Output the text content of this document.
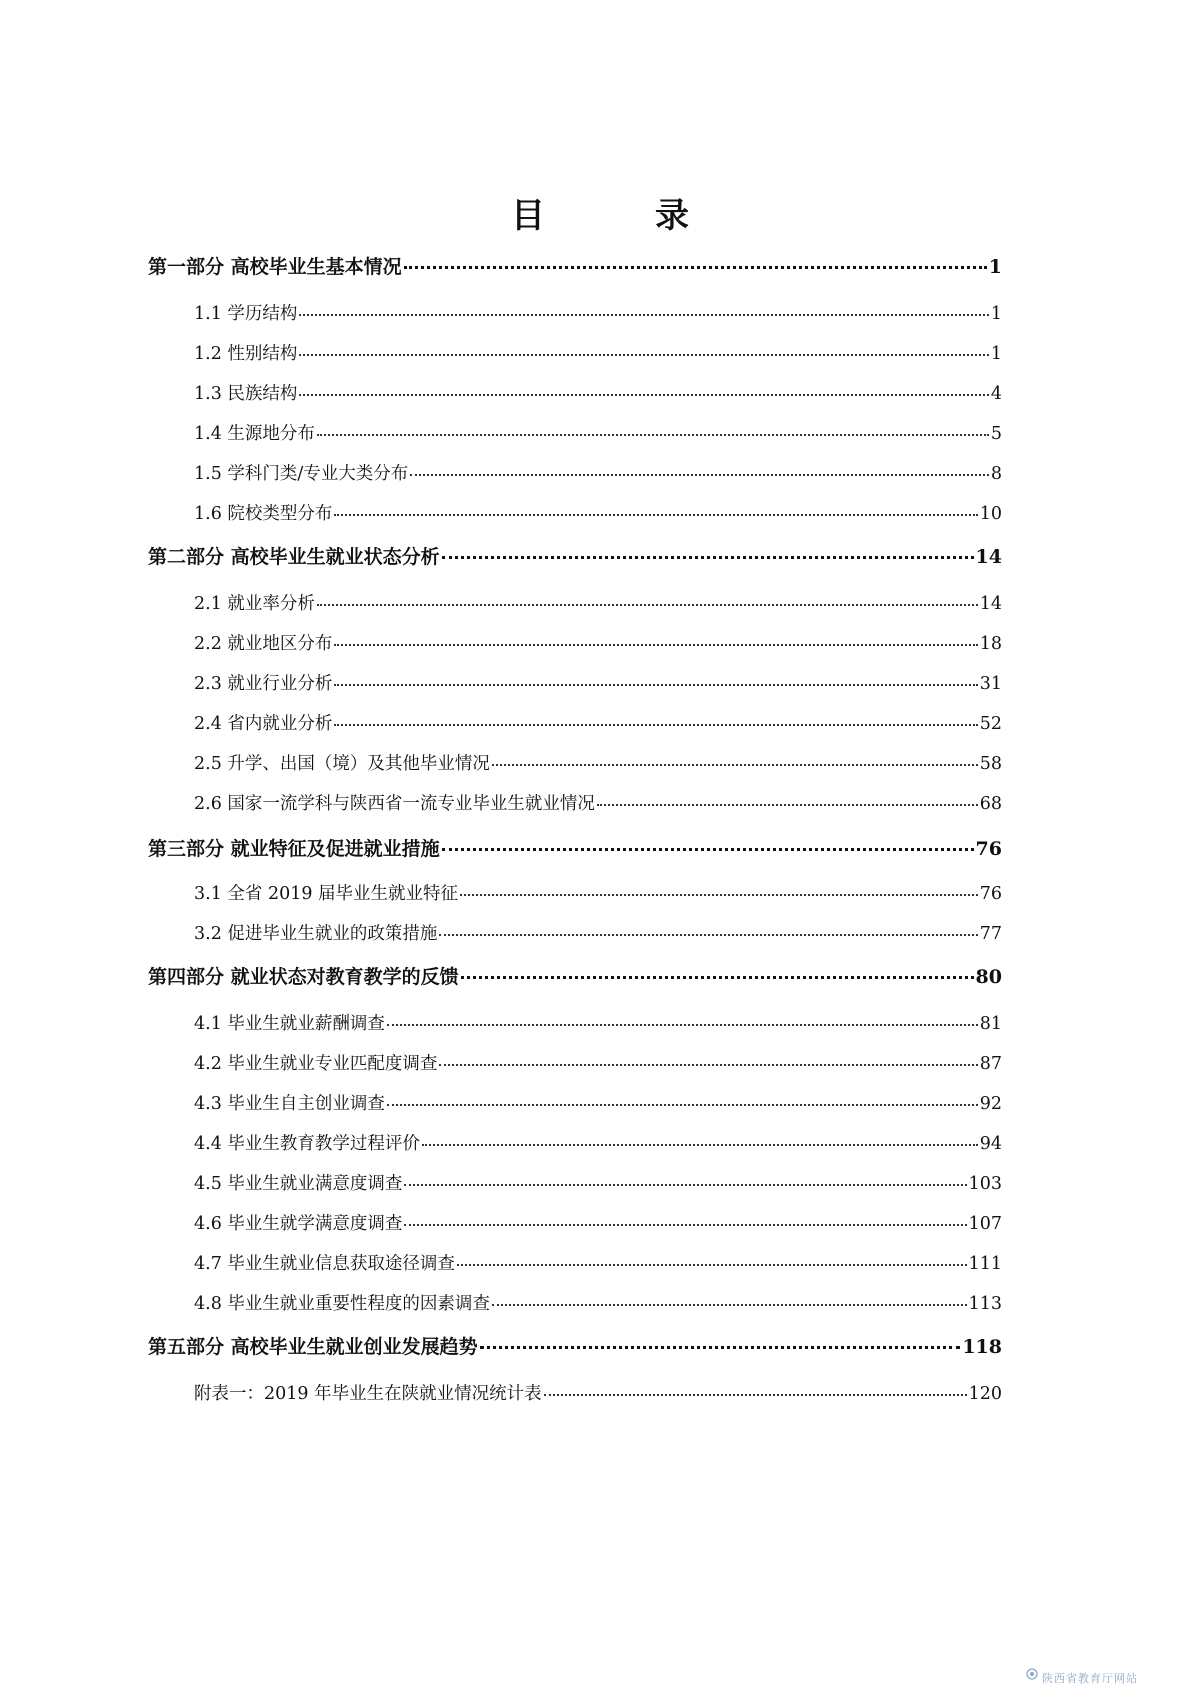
目　录
第一部分 高校毕业生基本情况	1
1.1 学历结构	1
1.2 性别结构	1
1.3 民族结构	4
1.4 生源地分布	5
1.5 学科门类/专业大类分布	8
1.6 院校类型分布	10
第二部分 高校毕业生就业状态分析	14
2.1 就业率分析	14
2.2 就业地区分布	18
2.3 就业行业分析	31
2.4 省内就业分析	52
2.5 升学、出国（境）及其他毕业情况	58
2.6 国家一流学科与陕西省一流专业毕业生就业情况	68
第三部分 就业特征及促进就业措施	76
3.1 全省 2019 届毕业生就业特征	76
3.2 促进毕业生就业的政策措施	77
第四部分 就业状态对教育教学的反馈	80
4.1 毕业生就业薪酬调查	81
4.2 毕业生就业专业匹配度调查	87
4.3 毕业生自主创业调查	92
4.4 毕业生教育教学过程评价	94
4.5 毕业生就业满意度调查	103
4.6 毕业生就学满意度调查	107
4.7 毕业生就业信息获取途径调查	111
4.8 毕业生就业重要性程度的因素调查	113
第五部分 高校毕业生就业创业发展趋势	118
附表一：2019 年毕业生在陕就业情况统计表	120
陕西省教育厅网站
